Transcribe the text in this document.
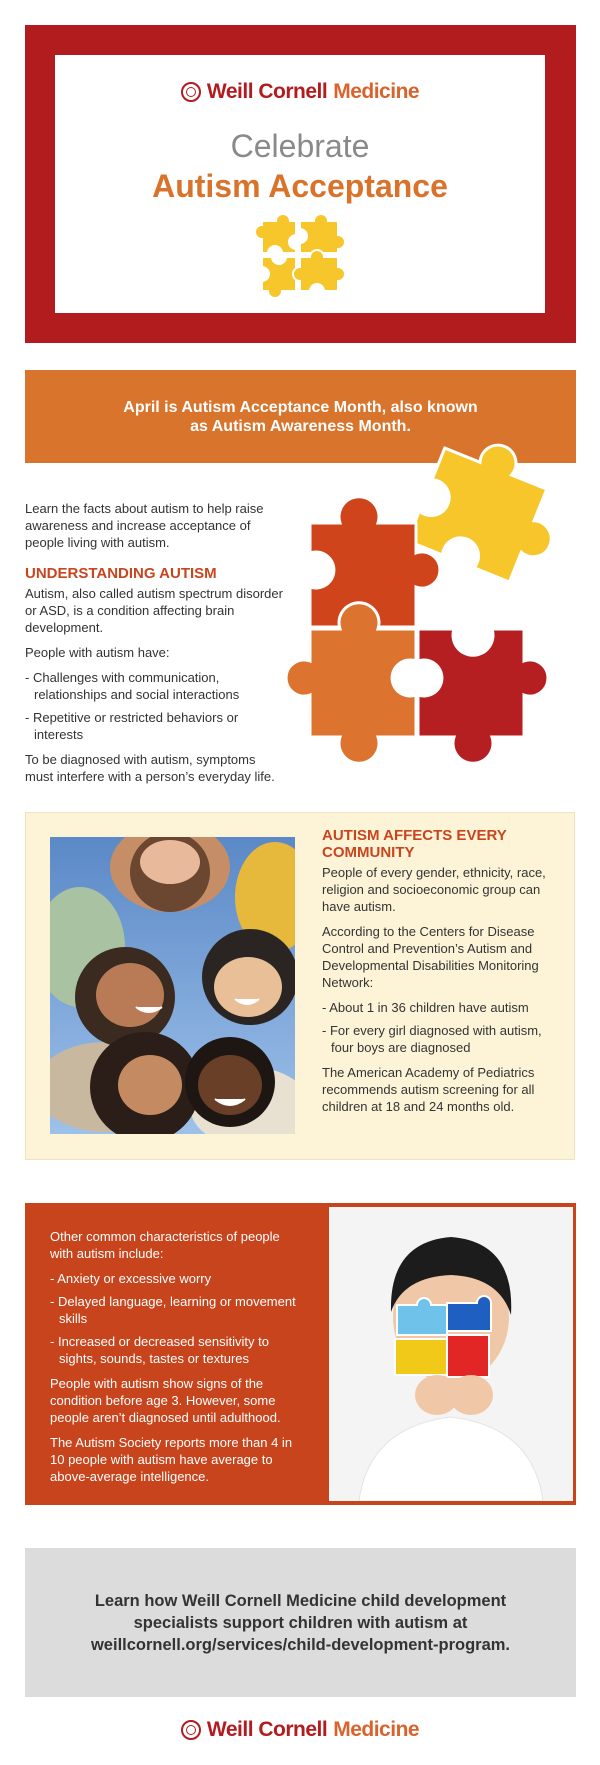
Weill Cornell Medicine
Celebrate
Autism Acceptance
April is Autism Acceptance Month, also known as Autism Awareness Month.

Learn the facts about autism to help raise awareness and increase acceptance of people living with autism.

UNDERSTANDING AUTISM

Autism, also called autism spectrum disorder or ASD, is a condition affecting brain development.

People with autism have:

- Challenges with communication, relationships and social interactions
- Repetitive or restricted behaviors or interests

To be diagnosed with autism, symptoms must interfere with a person’s everyday life.

AUTISM AFFECTS EVERY COMMUNITY

People of every gender, ethnicity, race, religion and socioeconomic group can have autism.

According to the Centers for Disease Control and Prevention’s Autism and Developmental Disabilities Monitoring Network:

- About 1 in 36 children have autism
- For every girl diagnosed with autism, four boys are diagnosed

The American Academy of Pediatrics recommends autism screening for all children at 18 and 24 months old.

Other common characteristics of people with autism include:

- Anxiety or excessive worry
- Delayed language, learning or movement skills
- Increased or decreased sensitivity to sights, sounds, tastes or textures

People with autism show signs of the condition before age 3. However, some people aren’t diagnosed until adulthood.

The Autism Society reports more than 4 in 10 people with autism have average to above-average intelligence.

Learn how Weill Cornell Medicine child development specialists support children with autism at weillcornell.org/services/child-development-program.
Weill Cornell Medicine
